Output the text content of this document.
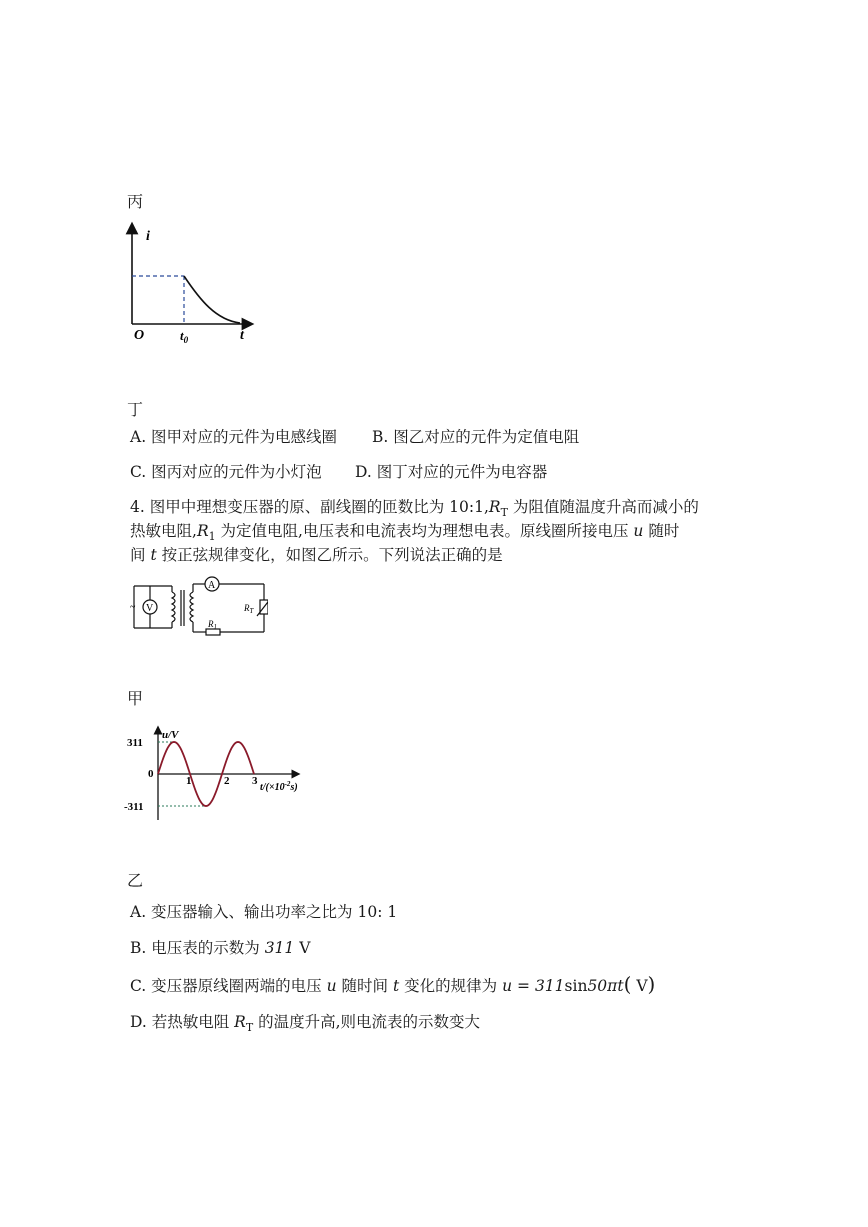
丙
i
t
O	$t_0$
丁
A. 图甲对应的元件为电感线圈 B. 图乙对应的元件为定值电阻
C. 图丙对应的元件为小灯泡 D. 图丁对应的元件为电容器
4. 图甲中理想变压器的原、副线圈的匝数比为 $10:1,R_T$ 为阻值随温度升高而减小的
热敏电阻$,R_1$ 为定值电阻,电压表和电流表均为理想电表。原线圈所接电压 u 随时
间 t 按正弦规律变化，如图乙所示。下列说法正确的是
~ V
A
$R_T$
$R_1$
甲
u/V
311
-311
0
1	2 3
$t/(\times 10^{-2}s)$
乙
A. 变压器输入、输出功率之比为 10: 1
B. 电压表的示数为 311 V
C. 变压器原线圈两端的电压 u 随时间 t 变化的规律为 u = 311sin50πt( V)
D. 若热敏电阻 $R_T$ 的温度升高,则电流表的示数变大
